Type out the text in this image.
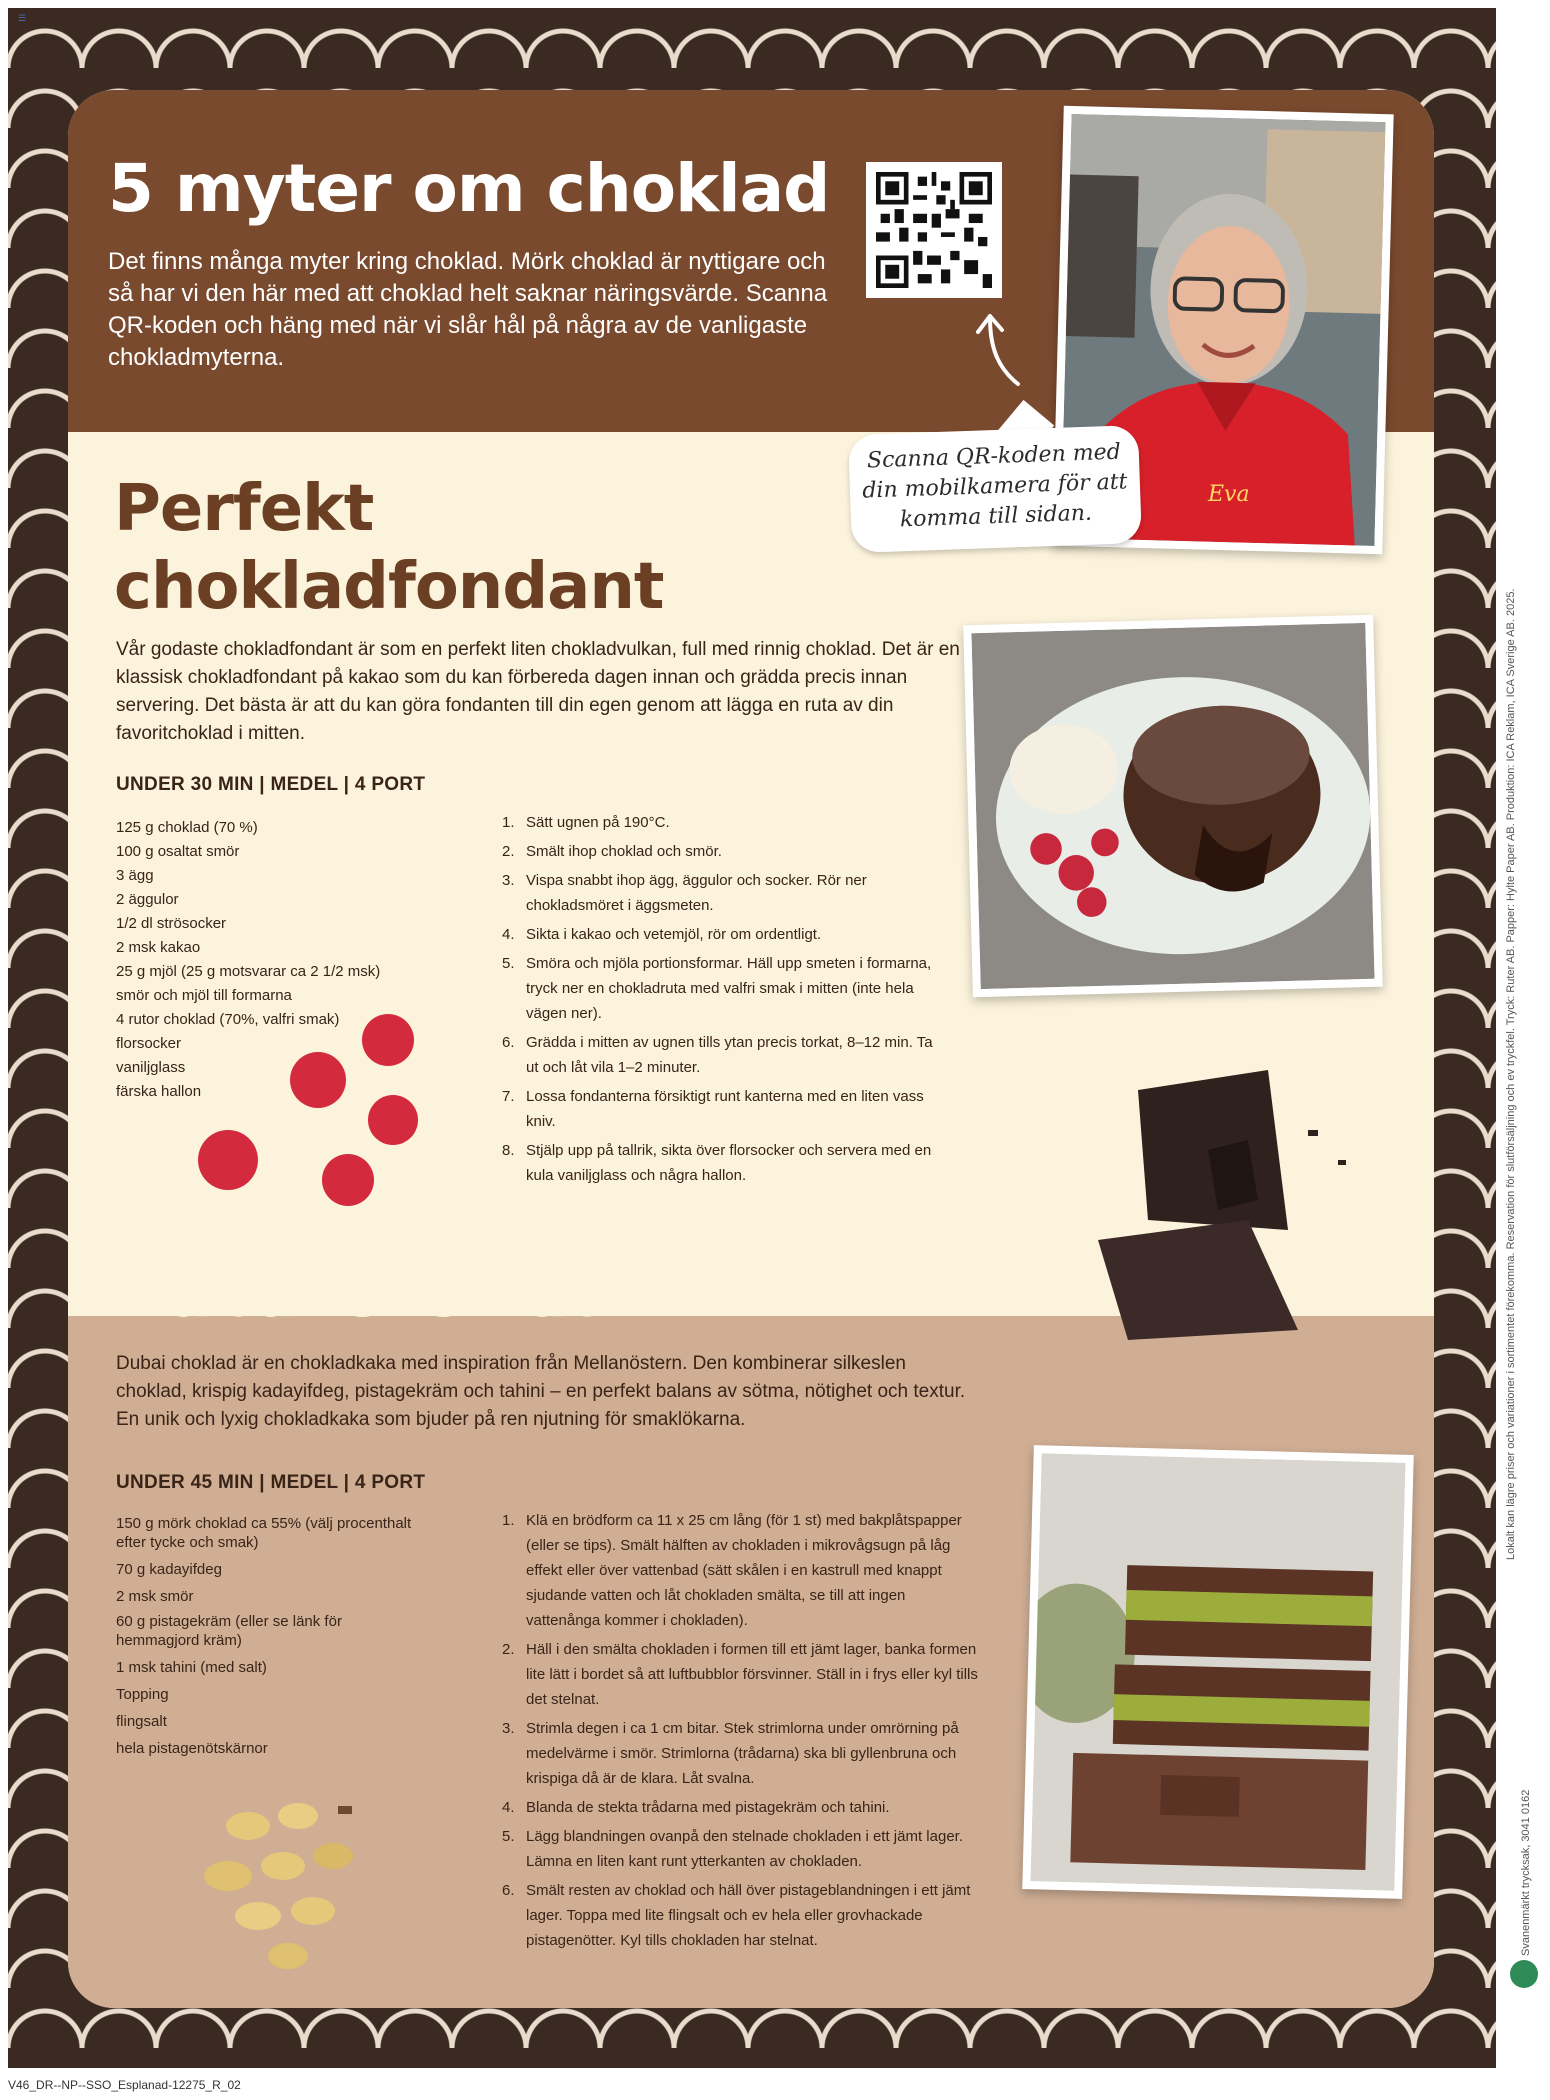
☰
5 myter om choklad

Det finns många myter kring choklad. Mörk choklad är nyttigare och så har vi den här med att choklad helt saknar näringsvärde. Scanna QR-koden och häng med när vi slår hål på några av de vanligaste chokladmyterna.

Scanna QR-koden med din mobilkamera för att komma till sidan.
Eva
Perfekt chokladfondant

Vår godaste chokladfondant är som en perfekt liten chokladvulkan, full med rinnig choklad. Det är en klassisk chokladfondant på kakao som du kan förbereda dagen innan och grädda precis innan servering. Det bästa är att du kan göra fondanten till din egen genom att lägga en ruta av din favoritchoklad i mitten.

UNDER 30 MIN | MEDEL | 4 PORT
125 g choklad (70 %)
100 g osaltat smör
3 ägg
2 äggulor
1/2 dl strösocker
2 msk kakao
25 g mjöl (25 g motsvarar ca 2 1/2 msk)
smör och mjöl till formarna
4 rutor choklad (70%, valfri smak)
florsocker
vaniljglass
färska hallon
1. Sätt ugnen på 190°C.
2. Smält ihop choklad och smör.
3. Vispa snabbt ihop ägg, äggulor och socker. Rör ner chokladsmöret i äggsmeten.
4. Sikta i kakao och vetemjöl, rör om ordentligt.
5. Smöra och mjöla portionsformar. Häll upp smeten i formarna, tryck ner en chokladruta med valfri smak i mitten (inte hela vägen ner).
6. Grädda i mitten av ugnen tills ytan precis torkat, 8–12 min. Ta ut och låt vila 1–2 minuter.
7. Lossa fondanterna försiktigt runt kanterna med en liten vass kniv.
8. Stjälp upp på tallrik, sikta över florsocker och servera med en kula vaniljglass och några hallon.
Dubai choklad

Dubai choklad är en chokladkaka med inspiration från Mellanöstern. Den kombinerar silkeslen choklad, krispig kadayifdeg, pistagekräm och tahini – en perfekt balans av sötma, nötighet och textur. En unik och lyxig chokladkaka som bjuder på ren njutning för smaklökarna.

UNDER 45 MIN | MEDEL | 4 PORT
150 g mörk choklad ca 55% (välj procenthalt efter tycke och smak)
70 g kadayifdeg
2 msk smör
60 g pistagekräm (eller se länk för hemmagjord kräm)
1 msk tahini (med salt)
Topping
flingsalt
hela pistagenötskärnor
1. Klä en brödform ca 11 x 25 cm lång (för 1 st) med bakplåtspapper (eller se tips). Smält hälften av chokladen i mikrovågsugn på låg effekt eller över vattenbad (sätt skålen i en kastrull med knappt sjudande vatten och låt chokladen smälta, se till att ingen vattenånga kommer i chokladen).
2. Häll i den smälta chokladen i formen till ett jämt lager, banka formen lite lätt i bordet så att luftbubblor försvinner. Ställ in i frys eller kyl tills det stelnat.
3. Strimla degen i ca 1 cm bitar. Stek strimlorna under omrörning på medelvärme i smör. Strimlorna (trådarna) ska bli gyllenbruna och krispiga då är de klara. Låt svalna.
4. Blanda de stekta trådarna med pistagekräm och tahini.
5. Lägg blandningen ovanpå den stelnade chokladen i ett jämt lager. Lämna en liten kant runt ytterkanten av chokladen.
6. Smält resten av choklad och häll över pistageblandningen i ett jämt lager. Toppa med lite flingsalt och ev hela eller grovhackade pistagenötter. Kyl tills chokladen har stelnat.
Lokalt kan lägre priser och variationer i sortimentet förekomma. Reservation för slutförsäljning och ev tryckfel. Tryck: Ruter AB. Papper: Hylte Paper AB. Produktion: ICA Reklam, ICA Sverige AB. 2025.
Svanenmärkt trycksak, 3041 0162
V46_DR--NP--SSO_Esplanad-12275_R_02
